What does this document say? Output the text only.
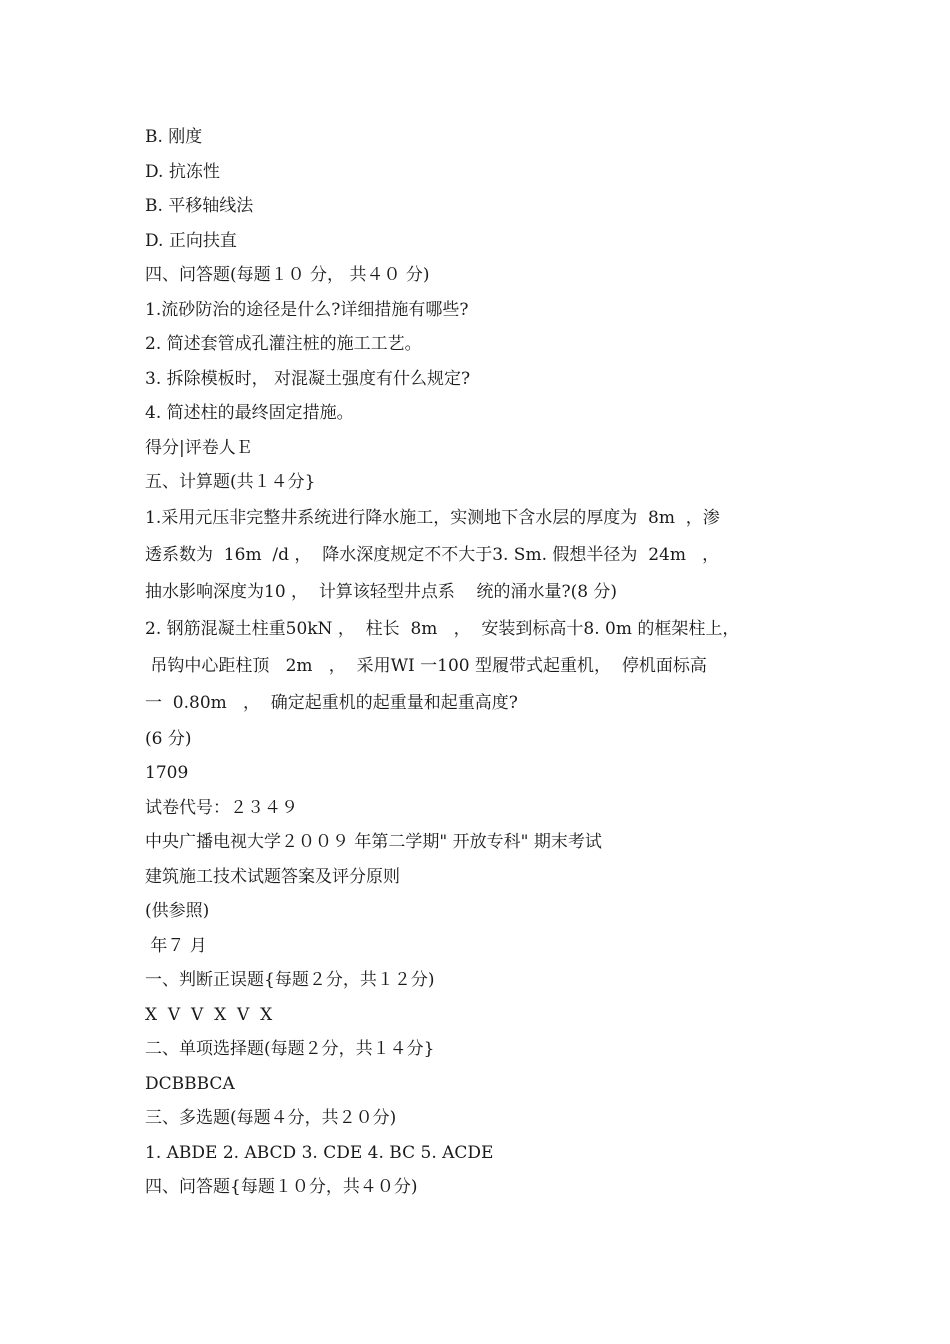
B. 刚度
D. 抗冻性
B. 平移轴线法
D. 正向扶直
四、问答题(每题１０ 分， 共４０ 分)
1.流砂防治的途径是什么?详细措施有哪些?
2. 简述套管成孔灌注桩的施工工艺。
3. 拆除模板时， 对混凝土强度有什么规定?
4. 简述柱的最终固定措施。
得分|评卷人Ｅ
五、计算题(共１４分}
1.采用元压非完整井系统进行降水施工，实测地下含水层的厚度为  8m  ，渗
透系数为  16m  /d ，  降水深度规定不不大于3. Sm. 假想半径为  24m   ，
抽水影响深度为10 ，  计算该轻型井点系    统的涌水量?(8 分)
2. 钢筋混凝土柱重50kN ，  柱长  8m   ，  安装到标高十8. 0m 的框架柱上，
吊钩中心距柱顶   2m   ，  采用WI 一100 型履带式起重机，  停机面标高
一  0.80m   ，  确定起重机的起重量和起重高度?
(6 分)
1709
试卷代号：２３４９
中央广播电视大学２００９ 年第二学期" 开放专科" 期末考试
建筑施工技术试题答案及评分原则
(供参照)
年７ 月
一、判断正误题{每题２分，共１２分)
X  V  V  X  V  X
二、单项选择题(每题２分，共１４分}
DCBBBCA
三、多选题(每题４分，共２０分)
1. ABDE 2. ABCD 3. CDE 4. BC 5. ACDE
四、问答题{每题１０分，共４０分)
